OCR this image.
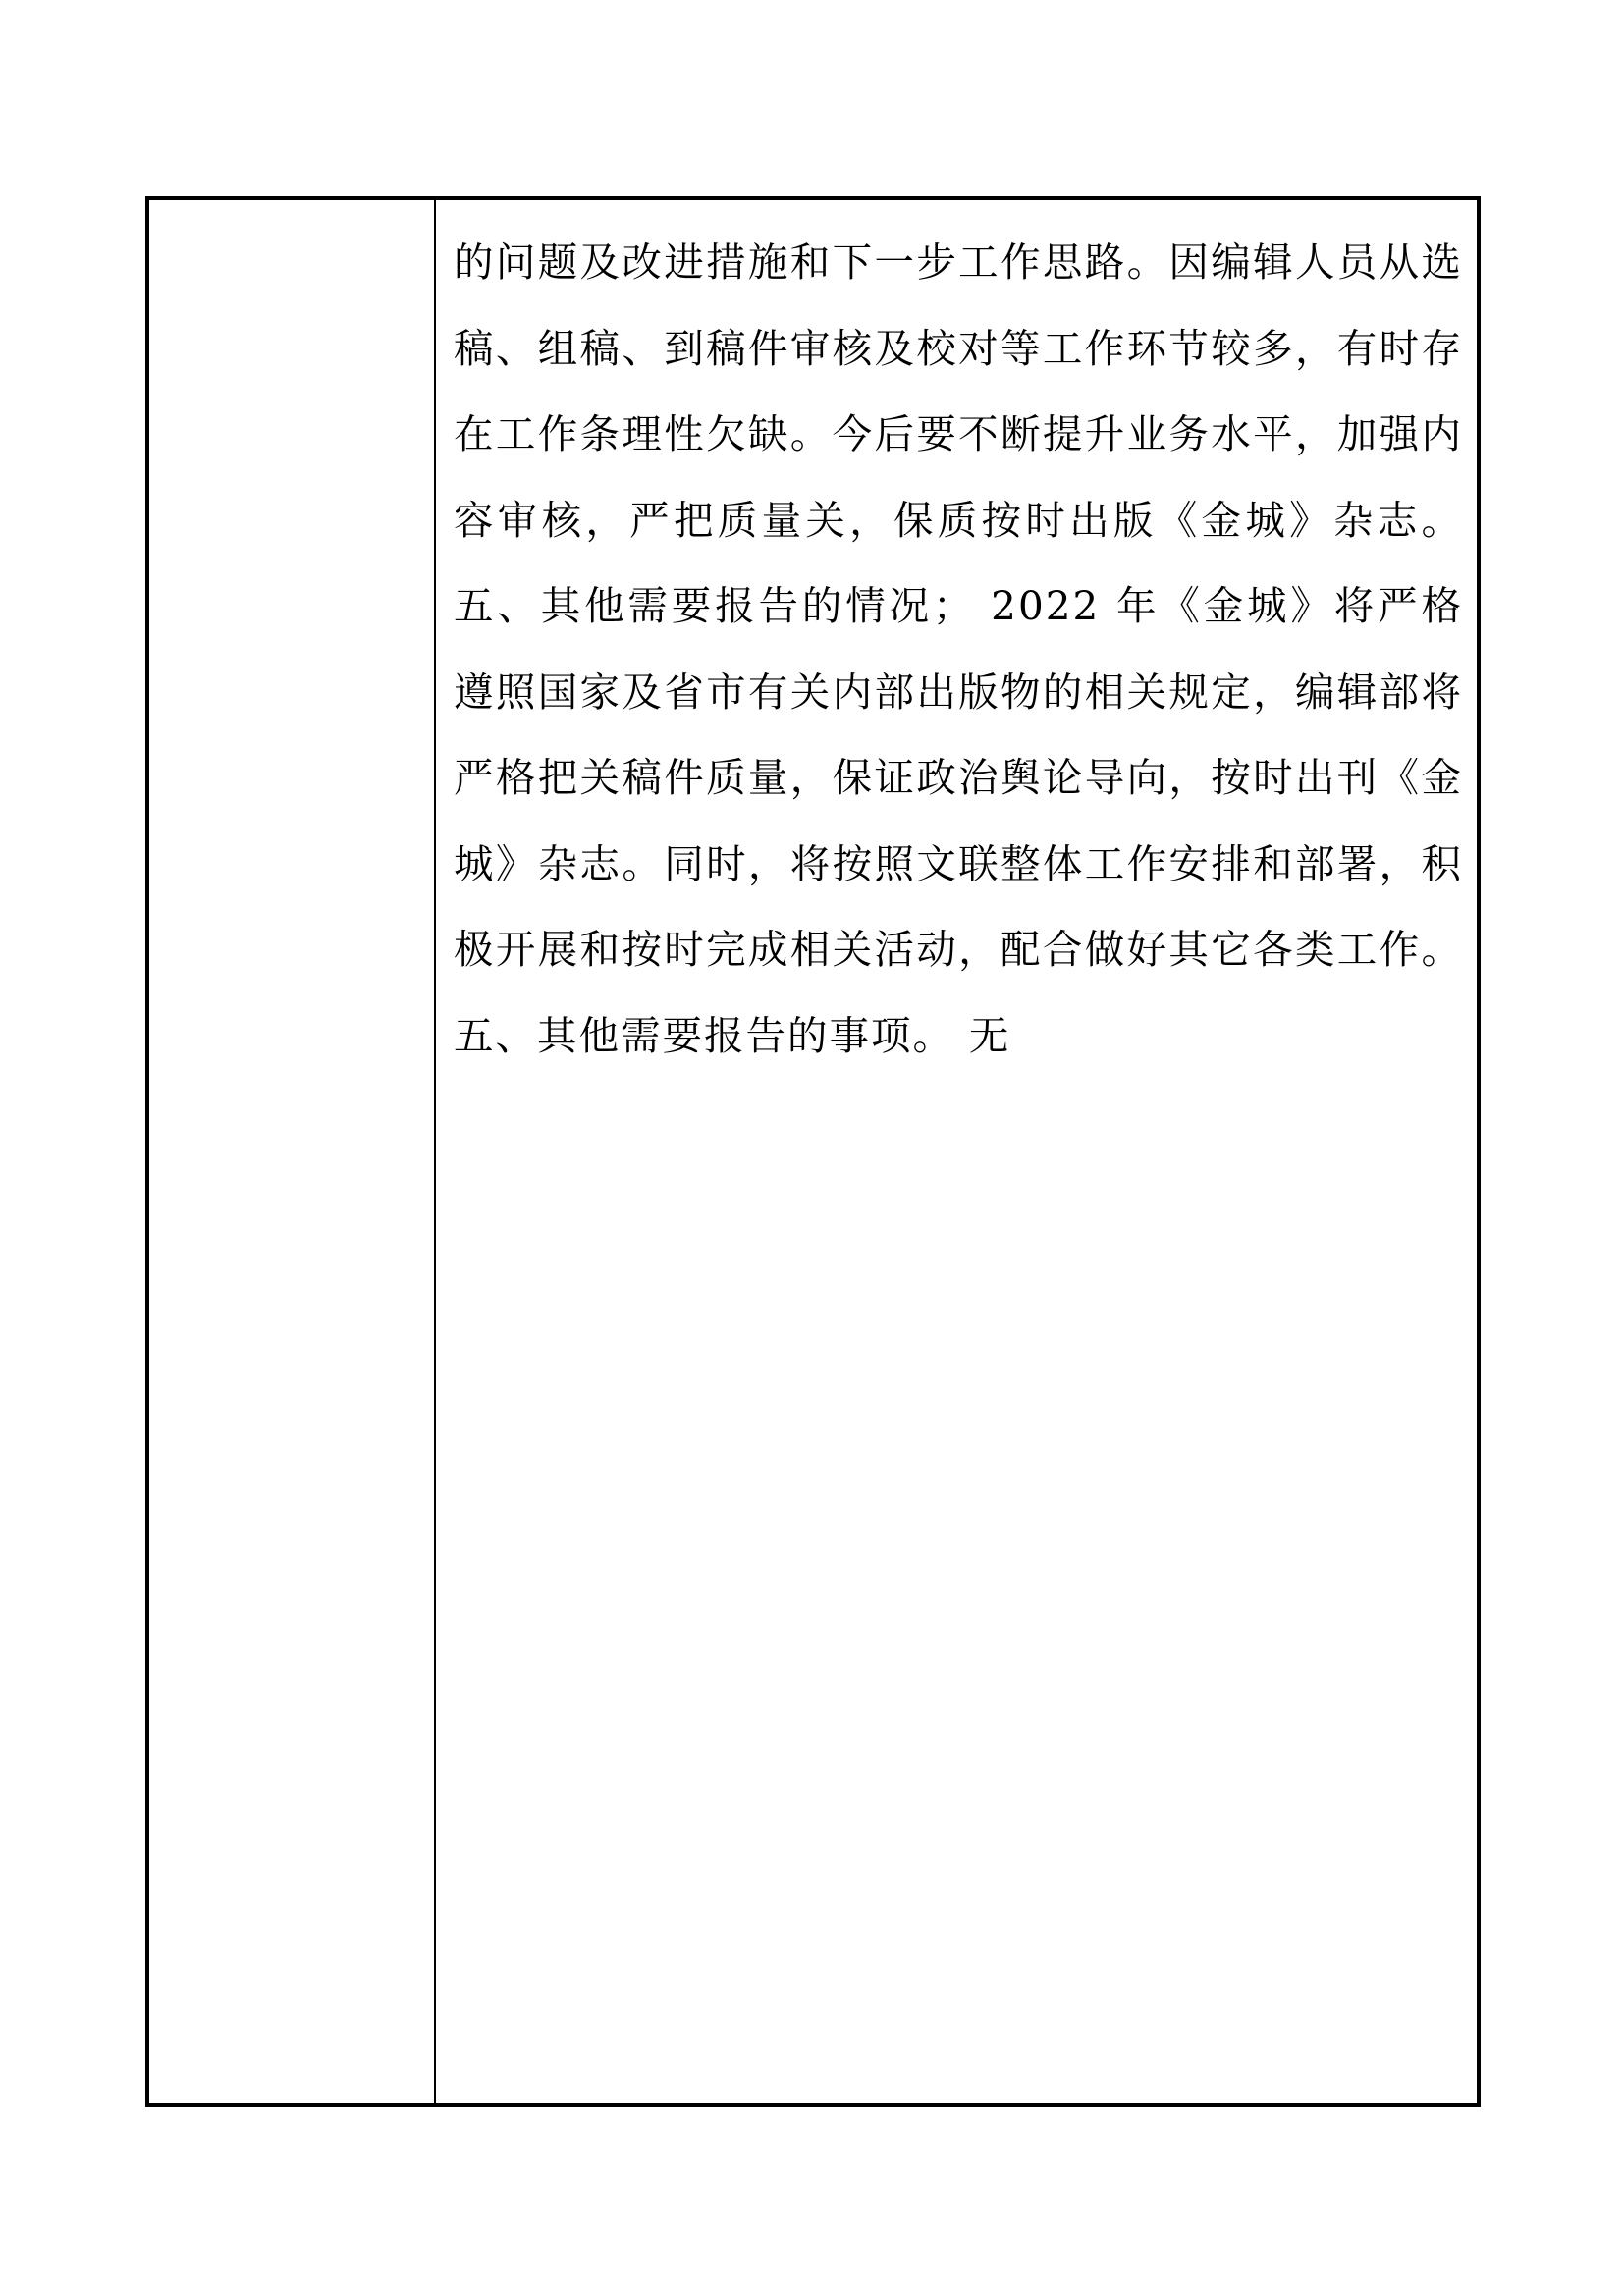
的问题及改进措施和下一步工作思路。因编辑人员从选稿、组稿、到稿件审核及校对等工作环节较多，有时存在工作条理性欠缺。今后要不断提升业务水平，加强内容审核，严把质量关，保质按时出版《金城》杂志。 五、其他需要报告的情况； 2022 年《金城》将严格遵照国家及省市有关内部出版物的相关规定，编辑部将严格把关稿件质量，保证政治舆论导向，按时出刊《金城》杂志。同时，将按照文联整体工作安排和部署，积极开展和按时完成相关活动，配合做好其它各类工作。 五、其他需要报告的事项。 无
